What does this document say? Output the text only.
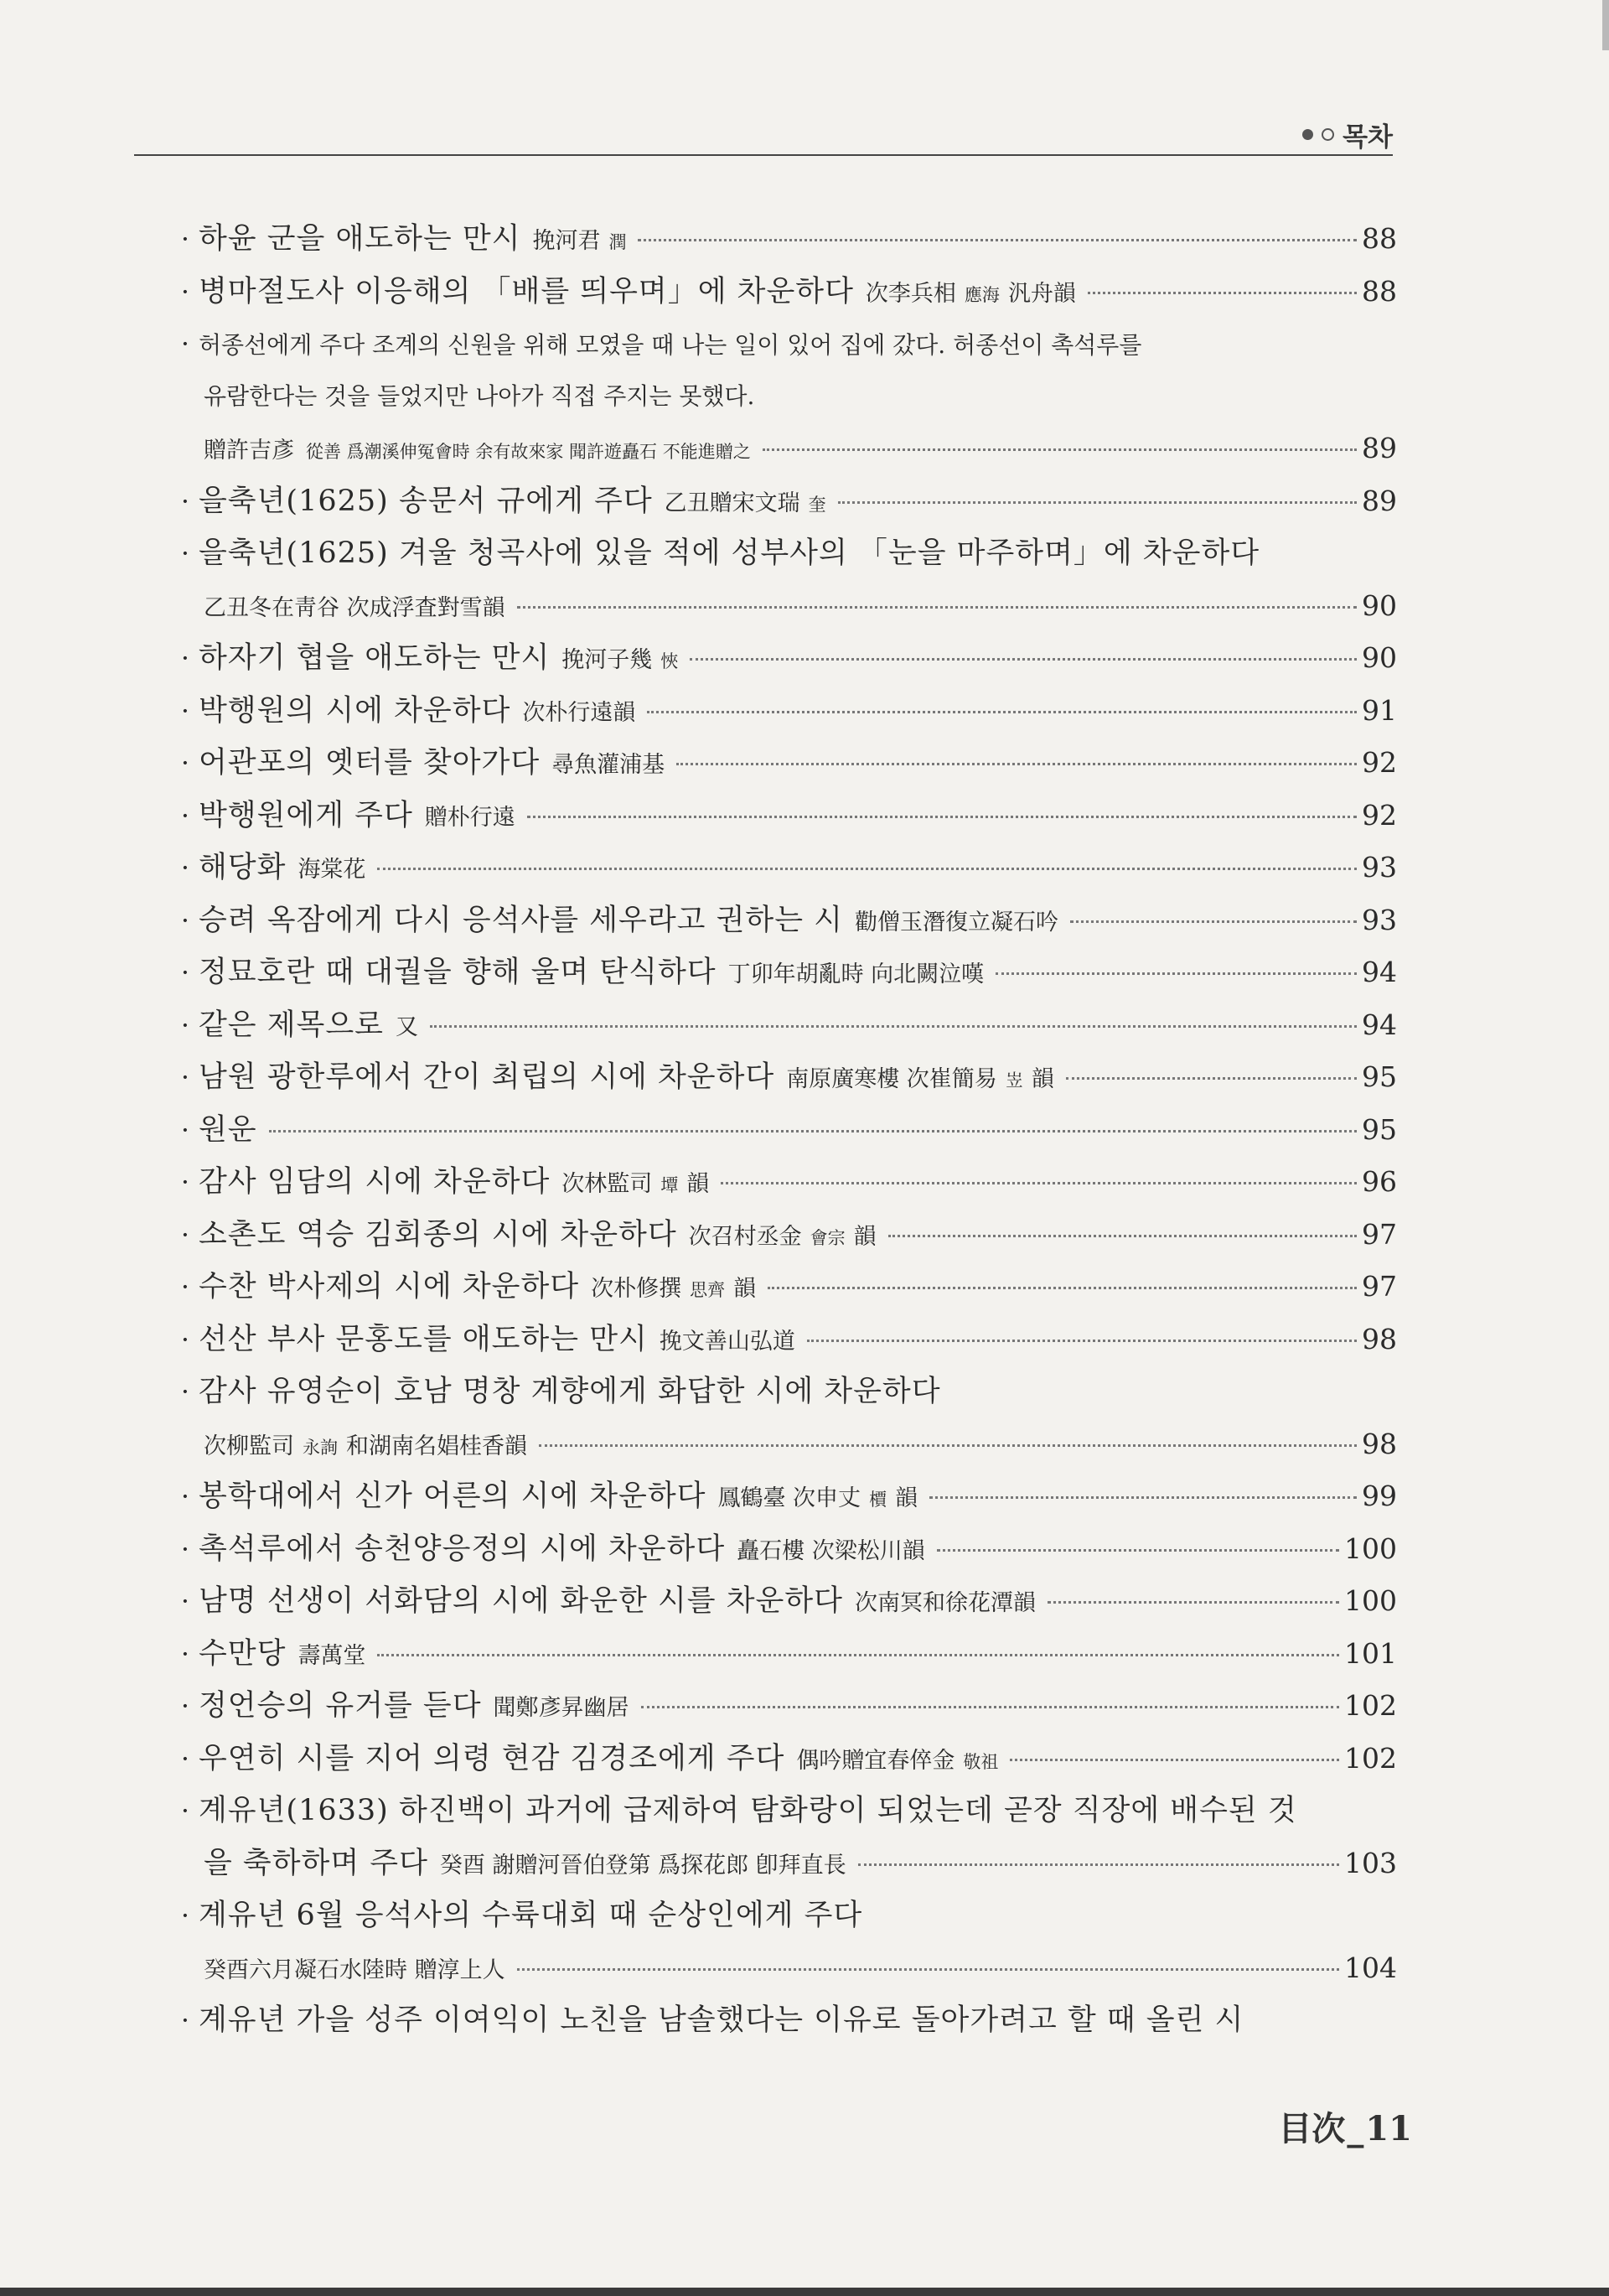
목차
· 하윤 군을 애도하는 만시 挽河君 潤	88
· 병마절도사 이응해의 「배를 띄우며」에 차운하다 次李兵相 應海 汎舟韻	88
· 허종선에게 주다 조계의 신원을 위해 모였을 때 나는 일이 있어 집에 갔다. 허종선이 촉석루를
유람한다는 것을 들었지만 나아가 직접 주지는 못했다.
贈許吉彥 從善 爲潮溪伸冤會時 余有故來家 聞許遊矗石 不能進贈之	89
· 을축년(1625) 송문서 규에게 주다 乙丑贈宋文瑞 奎	89
· 을축년(1625) 겨울 청곡사에 있을 적에 성부사의 「눈을 마주하며」에 차운하다
乙丑冬在靑谷 次成浮査對雪韻	90
· 하자기 협을 애도하는 만시 挽河子幾 悏	90
· 박행원의 시에 차운하다 次朴行遠韻	91
· 어관포의 옛터를 찾아가다 尋魚灌浦基	92
· 박행원에게 주다 贈朴行遠	92
· 해당화 海棠花	93
· 승려 옥잠에게 다시 응석사를 세우라고 권하는 시 勸僧玉潛復立凝石吟	93
· 정묘호란 때 대궐을 향해 울며 탄식하다 丁卯年胡亂時 向北闕泣嘆	94
· 같은 제목으로 又	94
· 남원 광한루에서 간이 최립의 시에 차운하다 南原廣寒樓 次崔簡易 岦 韻	95
· 원운	95
· 감사 임담의 시에 차운하다 次林監司 墰 韻	96
· 소촌도 역승 김회종의 시에 차운하다 次召村丞金 會宗 韻	97
· 수찬 박사제의 시에 차운하다 次朴修撰 思齊 韻	97
· 선산 부사 문홍도를 애도하는 만시 挽文善山弘道	98
· 감사 유영순이 호남 명창 계향에게 화답한 시에 차운하다
次柳監司 永詢 和湖南名娼桂香韻	98
· 봉학대에서 신가 어른의 시에 차운하다 鳳鶴臺 次申丈 檟 韻	99
· 촉석루에서 송천양응정의 시에 차운하다 矗石樓 次梁松川韻	100
· 남명 선생이 서화담의 시에 화운한 시를 차운하다 次南冥和徐花潭韻	100
· 수만당 壽萬堂	101
· 정언승의 유거를 듣다 聞鄭彥昇幽居	102
· 우연히 시를 지어 의령 현감 김경조에게 주다 偶吟贈宜春倅金 敬祖	102
· 계유년(1633) 하진백이 과거에 급제하여 탐화랑이 되었는데 곧장 직장에 배수된 것
을 축하하며 주다 癸酉 謝贈河晉伯登第 爲探花郎 卽拜直長	103
· 계유년 6월 응석사의 수륙대회 때 순상인에게 주다
癸酉六月凝石水陸時 贈淳上人	104
· 계유년 가을 성주 이여익이 노친을 남솔했다는 이유로 돌아가려고 할 때 올린 시
目次_11
